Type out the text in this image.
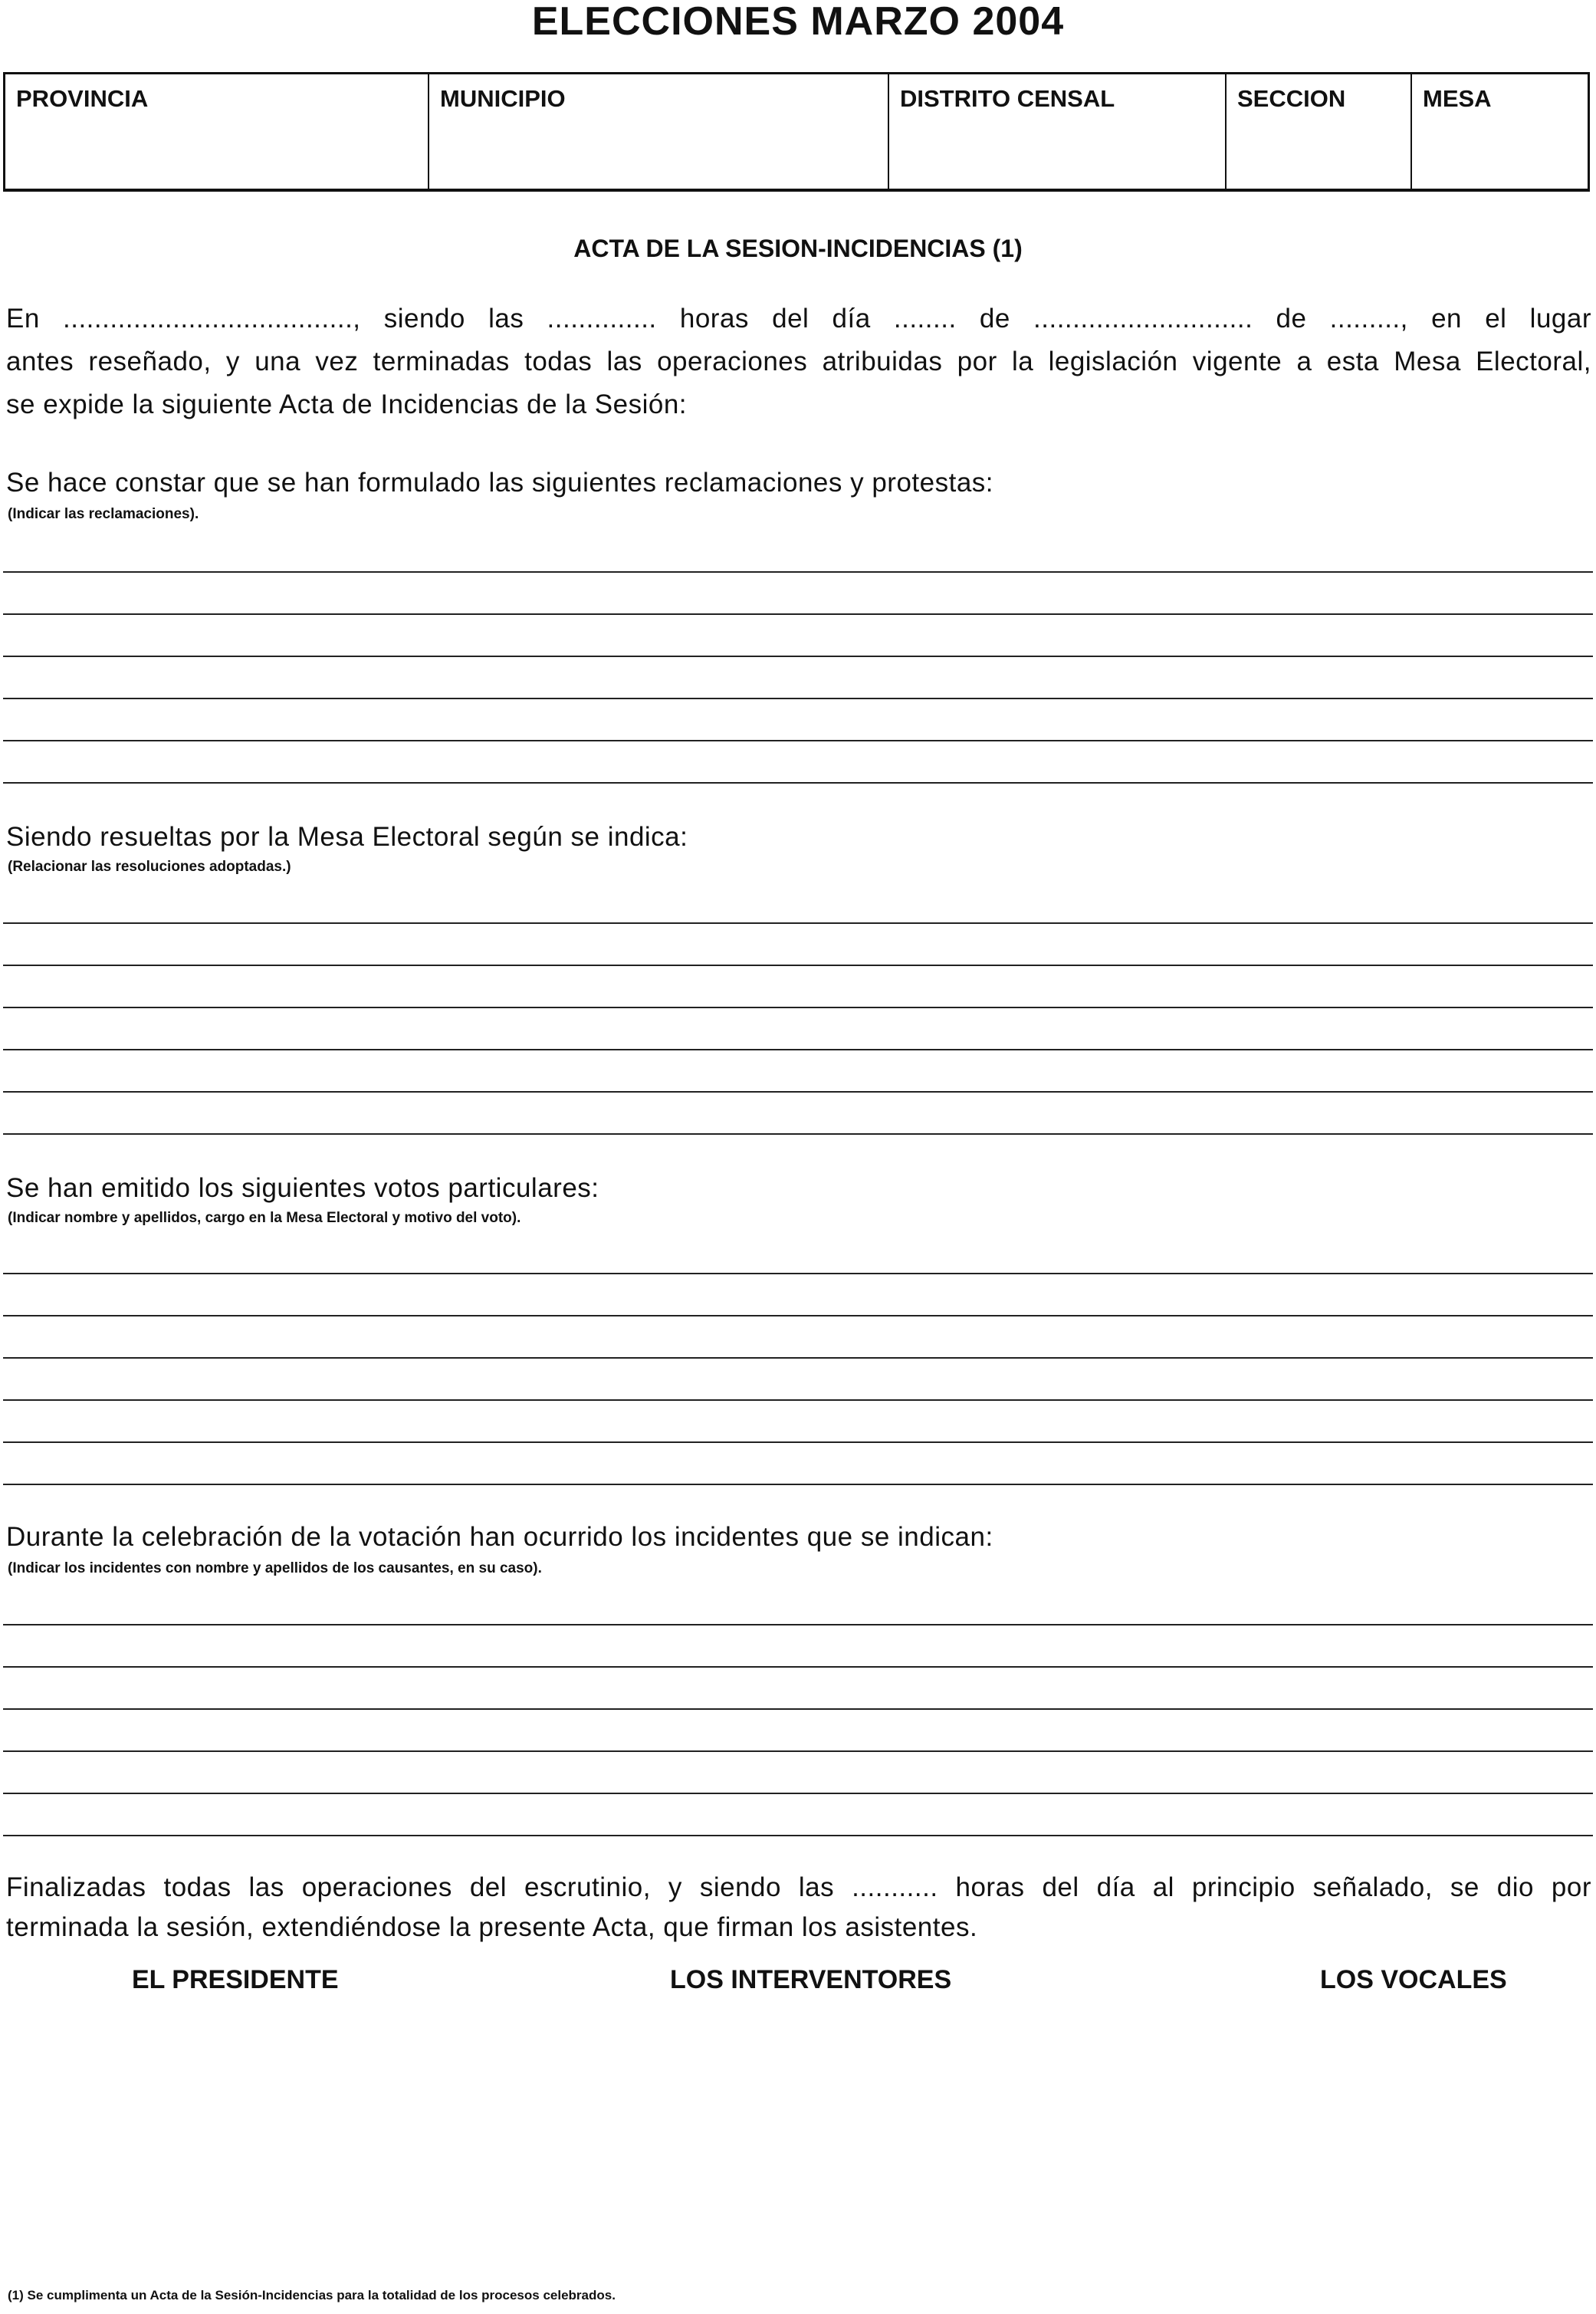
ELECCIONES MARZO 2004
PROVINCIA	MUNICIPIO	DISTRITO CENSAL	SECCION	MESA
ACTA DE LA SESION-INCIDENCIAS (1)
En ....................................., siendo las .............. horas del día ........ de ............................ de ........., en el lugar
antes reseñado, y una vez terminadas todas las operaciones atribuidas por la legislación vigente a esta Mesa Electoral,
se expide la siguiente Acta de Incidencias de la Sesión:
Se hace constar que se han formulado las siguientes reclamaciones y protestas:
(Indicar las reclamaciones).
Siendo resueltas por la Mesa Electoral según se indica:
(Relacionar las resoluciones adoptadas.)
Se han emitido los siguientes votos particulares:
(Indicar nombre y apellidos, cargo en la Mesa Electoral y motivo del voto).
Durante la celebración de la votación han ocurrido los incidentes que se indican:
(Indicar los incidentes con nombre y apellidos de los causantes, en su caso).
Finalizadas todas las operaciones del escrutinio, y siendo las ........... horas del día al principio señalado, se dio por
terminada la sesión, extendiéndose la presente Acta, que firman los asistentes.
EL PRESIDENTE	LOS INTERVENTORES	LOS VOCALES
(1) Se cumplimenta un Acta de la Sesión-Incidencias para la totalidad de los procesos celebrados.
